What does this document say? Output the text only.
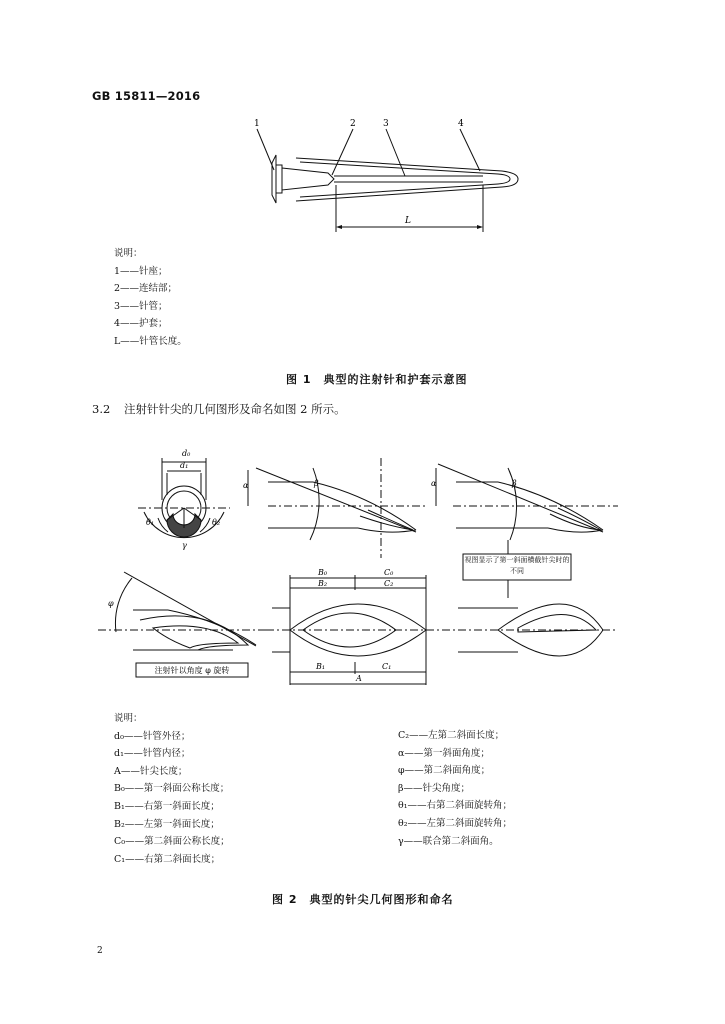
GB 15811—2016
1	2	3	4
L
说明：
1——针座；
2——连结部；
3——针管；
4——护套；
L——针管长度。
图 1　典型的注射针和护套示意图
3.2 注射针针尖的几何图形及命名如图 2 所示。
d₀
d₁
θ₁	θ₂
γ
α	β	α	β
φ
B₀
B₂
C₀
C₂
B₁	C₁
A
视图显示了第一斜面横截针尖时的不同
注射针以角度 φ 旋转
说明：
d₀——针管外径；
d₁——针管内径；
A——针尖长度；
B₀——第一斜面公称长度；
B₁——右第一斜面长度；
B₂——左第一斜面长度；
C₀——第二斜面公称长度；
C₁——右第二斜面长度；
C₂——左第二斜面长度；
α——第一斜面角度；
φ——第二斜面角度；
β——针尖角度；
θ₁——右第二斜面旋转角；
θ₂——左第二斜面旋转角；
γ——联合第二斜面角。
图 2　典型的针尖几何图形和命名
2
